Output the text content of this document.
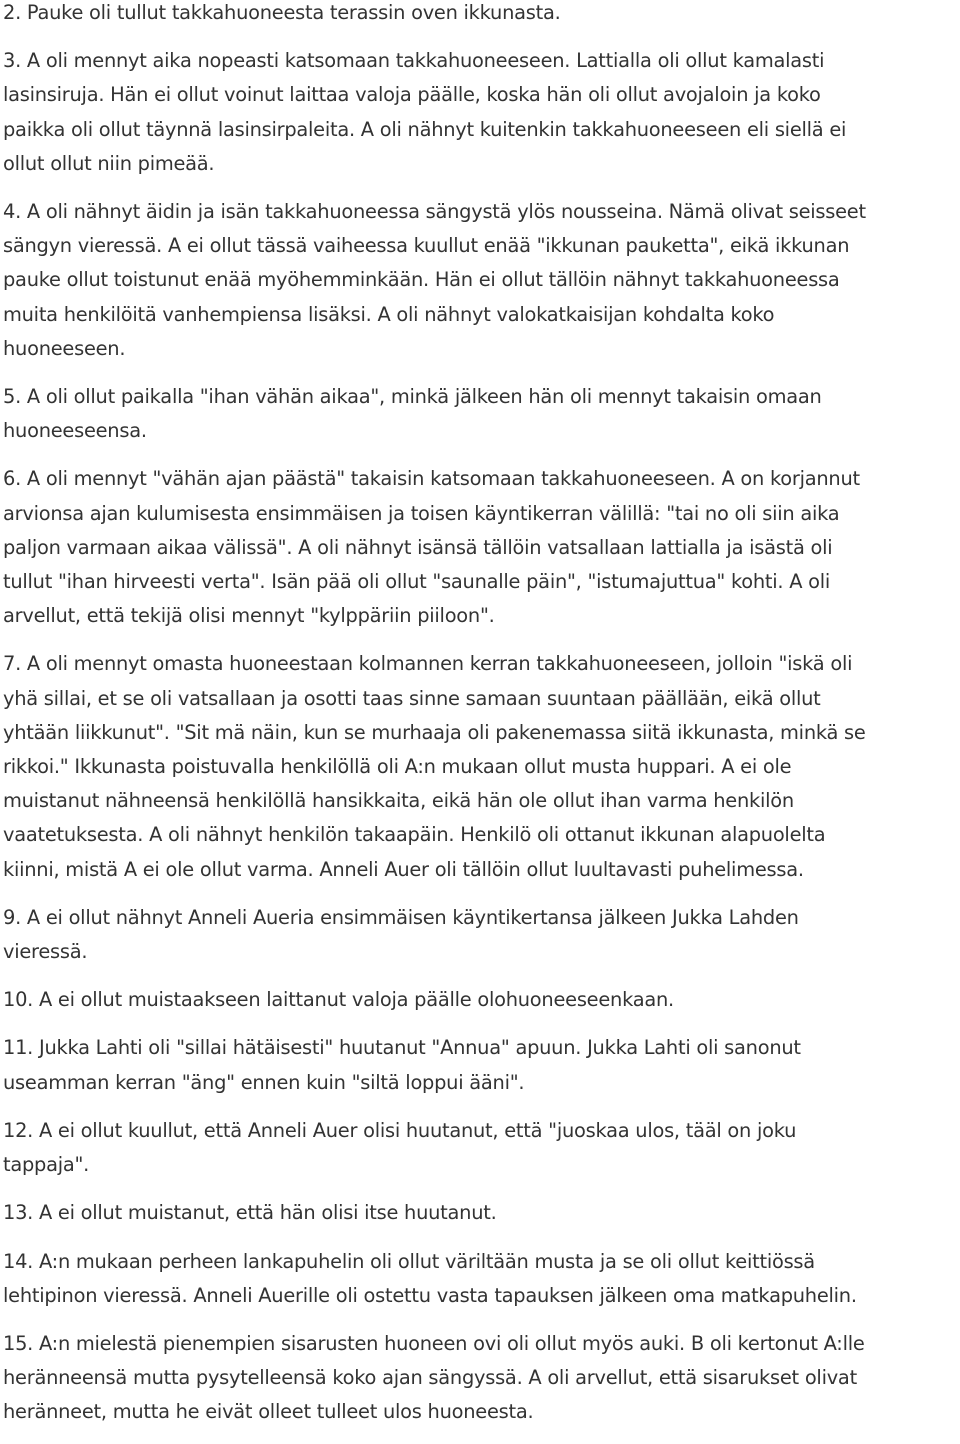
2. Pauke oli tullut takkahuoneesta terassin oven ikkunasta.

3. A oli mennyt aika nopeasti katsomaan takkahuoneeseen. Lattialla oli ollut kamalasti
lasinsiruja. Hän ei ollut voinut laittaa valoja päälle, koska hän oli ollut avojaloin ja koko
paikka oli ollut täynnä lasinsirpaleita. A oli nähnyt kuitenkin takkahuoneeseen eli siellä ei
ollut ollut niin pimeää.

4. A oli nähnyt äidin ja isän takkahuoneessa sängystä ylös nousseina. Nämä olivat seisseet
sängyn vieressä. A ei ollut tässä vaiheessa kuullut enää "ikkunan pauketta", eikä ikkunan
pauke ollut toistunut enää myöhemminkään. Hän ei ollut tällöin nähnyt takkahuoneessa
muita henkilöitä vanhempiensa lisäksi. A oli nähnyt valokatkaisijan kohdalta koko
huoneeseen.

5. A oli ollut paikalla "ihan vähän aikaa", minkä jälkeen hän oli mennyt takaisin omaan
huoneeseensa.

6. A oli mennyt "vähän ajan päästä" takaisin katsomaan takkahuoneeseen. A on korjannut
arvionsa ajan kulumisesta ensimmäisen ja toisen käyntikerran välillä: "tai no oli siin aika
paljon varmaan aikaa välissä". A oli nähnyt isänsä tällöin vatsallaan lattialla ja isästä oli
tullut "ihan hirveesti verta". Isän pää oli ollut "saunalle päin", "istumajuttua" kohti. A oli
arvellut, että tekijä olisi mennyt "kylppäriin piiloon".

7. A oli mennyt omasta huoneestaan kolmannen kerran takkahuoneeseen, jolloin "iskä oli
yhä sillai, et se oli vatsallaan ja osotti taas sinne samaan suuntaan päällään, eikä ollut
yhtään liikkunut". "Sit mä näin, kun se murhaaja oli pakenemassa siitä ikkunasta, minkä se
rikkoi." Ikkunasta poistuvalla henkilöllä oli A:n mukaan ollut musta huppari. A ei ole
muistanut nähneensä henkilöllä hansikkaita, eikä hän ole ollut ihan varma henkilön
vaatetuksesta. A oli nähnyt henkilön takaapäin. Henkilö oli ottanut ikkunan alapuolelta
kiinni, mistä A ei ole ollut varma. Anneli Auer oli tällöin ollut luultavasti puhelimessa.

9. A ei ollut nähnyt Anneli Aueria ensimmäisen käyntikertansa jälkeen Jukka Lahden
vieressä.

10. A ei ollut muistaakseen laittanut valoja päälle olohuoneeseenkaan.

11. Jukka Lahti oli "sillai hätäisesti" huutanut "Annua" apuun. Jukka Lahti oli sanonut
useamman kerran "äng" ennen kuin "siltä loppui ääni".

12. A ei ollut kuullut, että Anneli Auer olisi huutanut, että "juoskaa ulos, tääl on joku
tappaja".

13. A ei ollut muistanut, että hän olisi itse huutanut.

14. A:n mukaan perheen lankapuhelin oli ollut väriltään musta ja se oli ollut keittiössä
lehtipinon vieressä. Anneli Auerille oli ostettu vasta tapauksen jälkeen oma matkapuhelin.

15. A:n mielestä pienempien sisarusten huoneen ovi oli ollut myös auki. B oli kertonut A:lle
heränneensä mutta pysytelleensä koko ajan sängyssä. A oli arvellut, että sisarukset olivat
heränneet, mutta he eivät olleet tulleet ulos huoneesta.
